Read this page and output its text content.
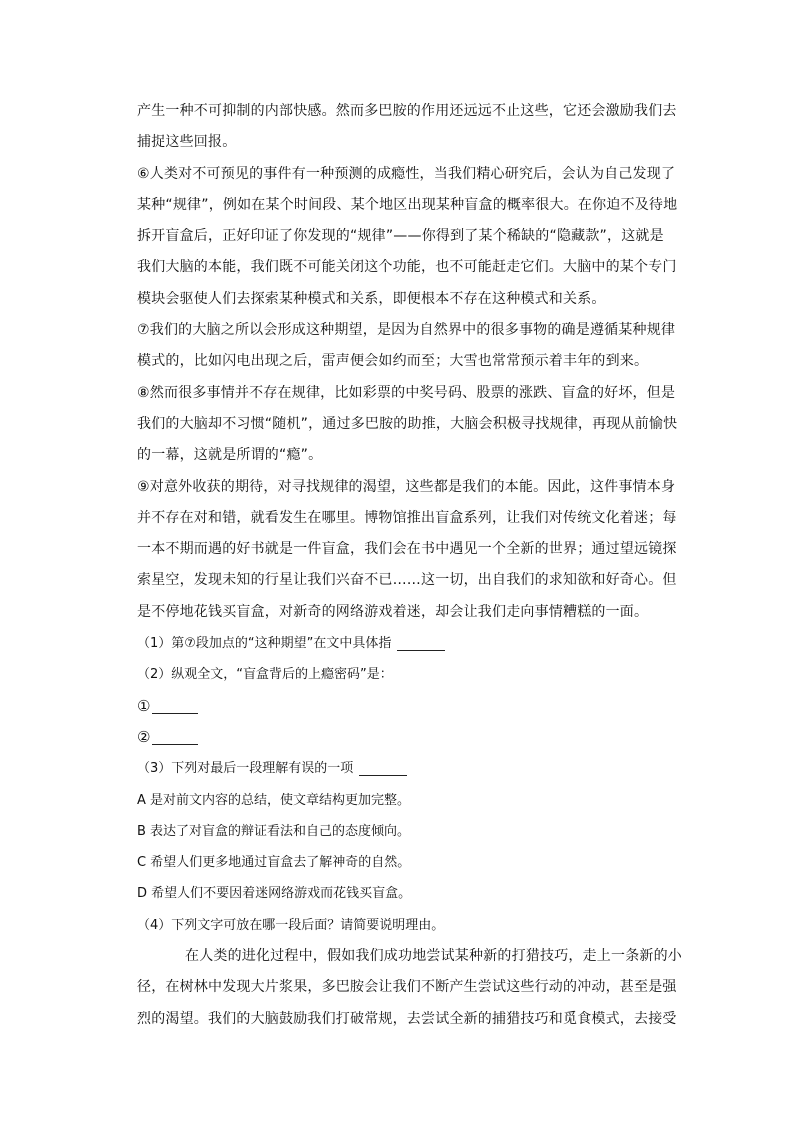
产生一种不可抑制的内部快感。然而多巴胺的作用还远远不止这些，它还会激励我们去
捕捉这些回报。
⑥人类对不可预见的事件有一种预测的成瘾性，当我们精心研究后，会认为自己发现了
某种“规律”，例如在某个时间段、某个地区出现某种盲盒的概率很大。在你迫不及待地
拆开盲盒后，正好印证了你发现的“规律”——你得到了某个稀缺的“隐藏款”，这就是
我们大脑的本能，我们既不可能关闭这个功能，也不可能赶走它们。大脑中的某个专门
模块会驱使人们去探索某种模式和关系，即便根本不存在这种模式和关系。
⑦我们的大脑之所以会形成这种期望，是因为自然界中的很多事物的确是遵循某种规律
模式的，比如闪电出现之后，雷声便会如约而至；大雪也常常预示着丰年的到来。
⑧然而很多事情并不存在规律，比如彩票的中奖号码、股票的涨跌、盲盒的好坏，但是
我们的大脑却不习惯“随机”，通过多巴胺的助推，大脑会积极寻找规律，再现从前愉快
的一幕，这就是所谓的“瘾”。
⑨对意外收获的期待，对寻找规律的渴望，这些都是我们的本能。因此，这件事情本身
并不存在对和错，就看发生在哪里。博物馆推出盲盒系列，让我们对传统文化着迷；每
一本不期而遇的好书就是一件盲盒，我们会在书中遇见一个全新的世界；通过望远镜探
索星空，发现未知的行星让我们兴奋不已……这一切，出自我们的求知欲和好奇心。但
是不停地花钱买盲盒，对新奇的网络游戏着迷，却会让我们走向事情糟糕的一面。
（1）第⑦段加点的“这种期望”在文中具体指
（2）纵观全文，“盲盒背后的上瘾密码”是：
①
②
（3）下列对最后一段理解有误的一项
A 是对前文内容的总结，使文章结构更加完整。
B 表达了对盲盒的辩证看法和自己的态度倾向。
C 希望人们更多地通过盲盒去了解神奇的自然。
D 希望人们不要因着迷网络游戏而花钱买盲盒。
（4）下列文字可放在哪一段后面？请简要说明理由。
在人类的进化过程中，假如我们成功地尝试某种新的打猎技巧，走上一条新的小
径，在树林中发现大片浆果，多巴胺会让我们不断产生尝试这些行动的冲动，甚至是强
烈的渴望。我们的大脑鼓励我们打破常规，去尝试全新的捕猎技巧和觅食模式，去接受
